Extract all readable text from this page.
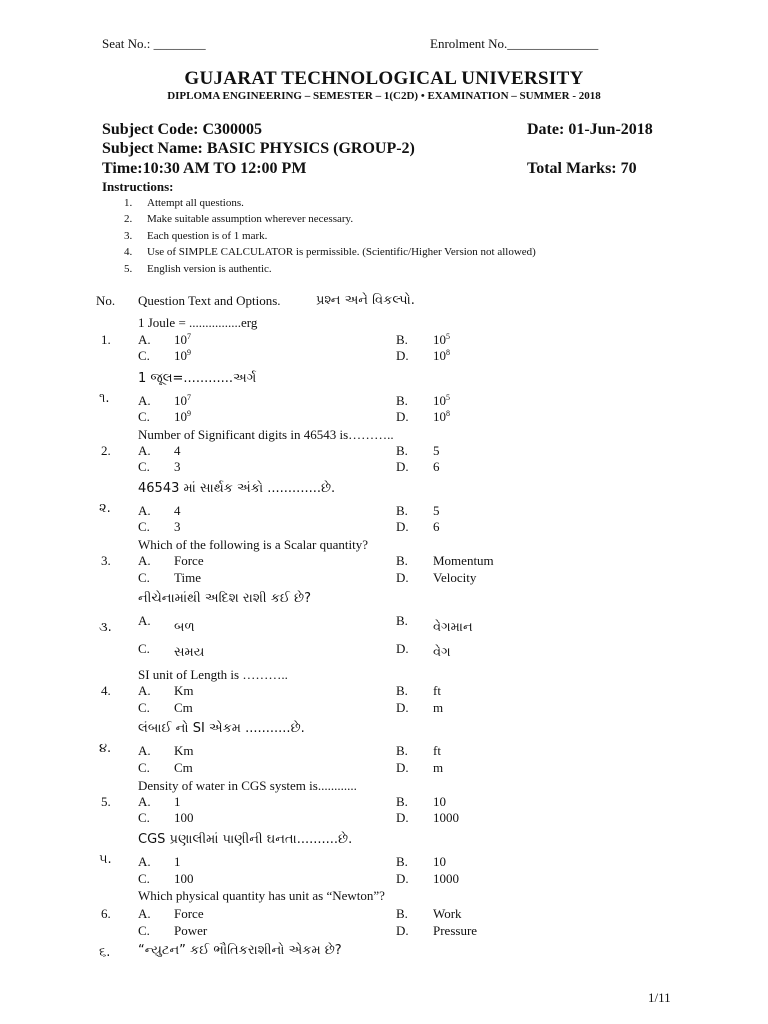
Seat No.: ________	Enrolment No.______________
GUJARAT TECHNOLOGICAL UNIVERSITY
DIPLOMA ENGINEERING – SEMESTER – 1(C2D) • EXAMINATION – SUMMER - 2018
Subject Code: C300005	Date: 01-Jun-2018
Subject Name: BASIC PHYSICS (GROUP-2)
Time:10:30 AM TO 12:00 PM	Total Marks: 70
Instructions:
1. Attempt all questions.
2. Make suitable assumption wherever necessary.
3. Each question is of 1 mark.
4. Use of SIMPLE CALCULATOR is permissible. (Scientific/Higher Version not allowed)
5. English version is authentic.
No. Question Text and Options.	પ્રશ્ન અને વિકલ્પો.
1 Joule = ................erg
1. A. $10^7$	B. $10^5$
C. $10^9$	D. $10^8$
1 જૂલ=............અર્ગ
૧. A. $10^7$	B. $10^5$
C. $10^9$	D. $10^8$
Number of Significant digits in 46543 is………..
2. A. 4	B. 5
C. 3	D. 6
46543 માં સાર્થક અંકો .............છે.
૨. A. 4	B. 5
C. 3	D. 6
Which of the following is a Scalar quantity?
3. A. Force	B. Momentum
C. Time	D. Velocity
નીચેનામાંથી અદિશ રાશી કઈ છે?
૩. A. બળ	B. વેગમાન
C. સમય	D. વેગ
SI unit of Length is ………..
4. A. Km	B. ft
C. Cm	D. m
લંબાઈ નો SI એકમ ...........છે.
૪. A. Km	B. ft
C. Cm	D. m
Density of water in CGS system is............
5. A. 1	B. 10
C. 100	D. 1000
CGS પ્રણાલીમાં પાણીની ઘનતા..........છે.
૫. A. 1	B. 10
C. 100	D. 1000
Which physical quantity has unit as “Newton”?
6. A. Force	B. Work
C. Power	D. Pressure
૬. “ન્યુટન” કઈ ભૌતિકરાશીનો એકમ છે?
1/11
